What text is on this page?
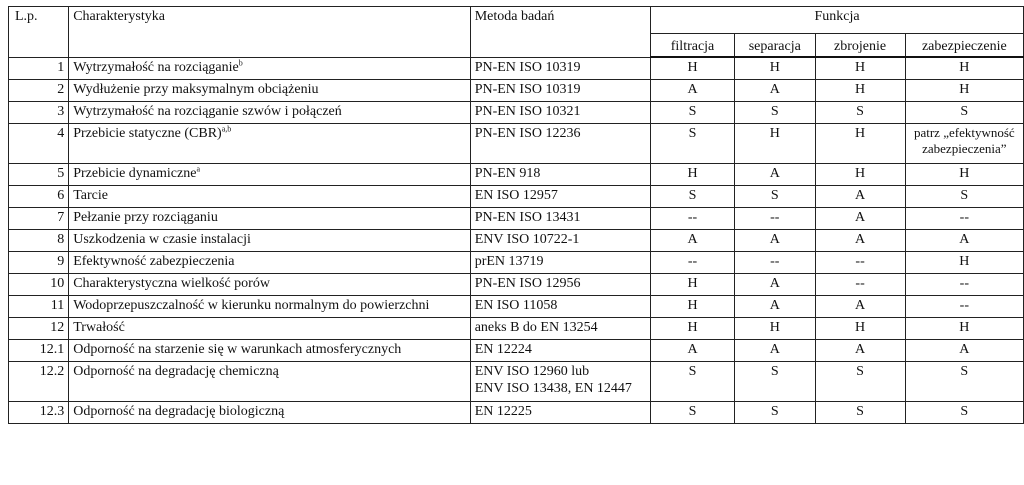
L.p.	Charakterystyka	Metoda badań	Funkcja			
			filtracja	separacja	zbrojenie	zabezpieczenie
1	Wytrzymałość na rozciąganie$^b$	PN-EN ISO 10319	H	H	H	H
2	Wydłużenie przy maksymalnym obciążeniu	PN-EN ISO 10319	A	A	H	H
3	Wytrzymałość na rozciąganie szwów i połączeń	PN-EN ISO 10321	S	S	S	S
4	Przebicie statyczne (CBR)$^{a,b}$	PN-EN ISO 12236	S	H	H	patrz „efektywność zabezpieczenia”
5	Przebicie dynamiczne$^a$	PN-EN 918	H	A	H	H
6	Tarcie	EN ISO 12957	S	S	A	S
7	Pełzanie przy rozciąganiu	PN-EN ISO 13431	--	--	A	--
8	Uszkodzenia w czasie instalacji	ENV ISO 10722-1	A	A	A	A
9	Efektywność zabezpieczenia	prEN 13719	--	--	--	H
10	Charakterystyczna wielkość porów	PN-EN ISO 12956	H	A	--	--
11	Wodoprzepuszczalność w kierunku normalnym do powierzchni	EN ISO 11058	H	A	A	--
12	Trwałość	aneks B do EN 13254	H	H	H	H
12.1	Odporność na starzenie się w warunkach atmosferycznych	EN 12224	A	A	A	A
12.2	Odporność na degradację chemiczną	ENV ISO 12960 lub
ENV ISO 13438, EN 12447	S	S	S	S
12.3	Odporność na degradację biologiczną	EN 12225	S	S	S	S
